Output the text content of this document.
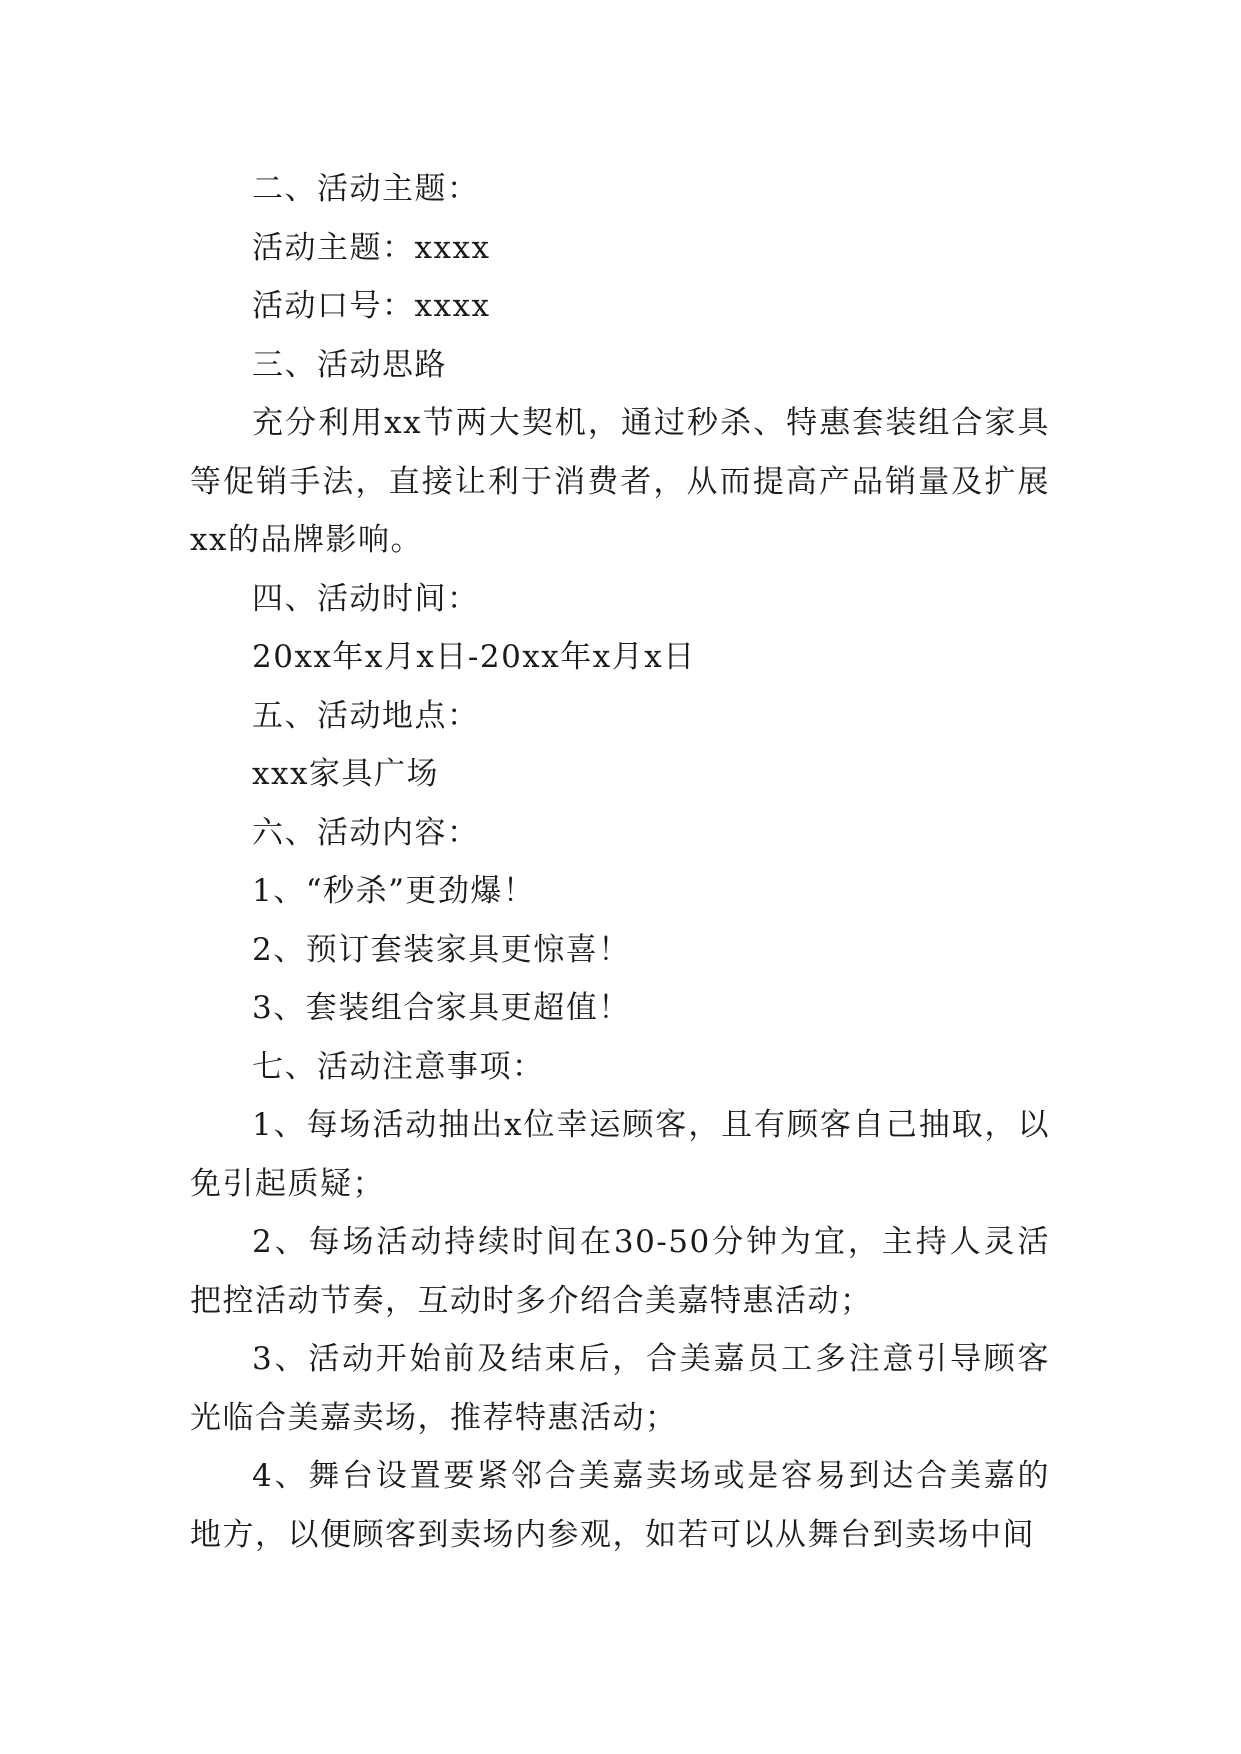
二、活动主题：

活动主题：xxxx

活动口号：xxxx

三、活动思路

充分利用xx节两大契机，通过秒杀、特惠套装组合家具等促销手法，直接让利于消费者，从而提高产品销量及扩展xx的品牌影响。

四、活动时间：

20xx年x月x日-20xx年x月x日

五、活动地点：

xxx家具广场

六、活动内容：

1、“秒杀”更劲爆！

2、预订套装家具更惊喜！

3、套装组合家具更超值！

七、活动注意事项：

1、每场活动抽出x位幸运顾客，且有顾客自己抽取，以免引起质疑；

2、每场活动持续时间在30-50分钟为宜，主持人灵活把控活动节奏，互动时多介绍合美嘉特惠活动；

3、活动开始前及结束后，合美嘉员工多注意引导顾客光临合美嘉卖场，推荐特惠活动；

4、舞台设置要紧邻合美嘉卖场或是容易到达合美嘉的地方，以便顾客到卖场内参观，如若可以从舞台到卖场中间
